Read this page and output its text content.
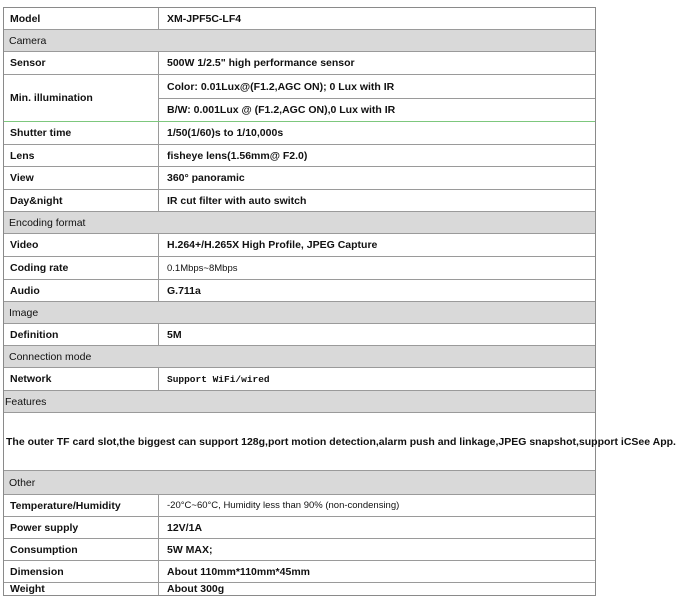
Model	XM-JPF5C-LF4
Camera
Sensor	500W 1/2.5" high performance sensor
Min. illumination
Color: 0.01Lux@(F1.2,AGC ON); 0 Lux with IR
B/W: 0.001Lux @ (F1.2,AGC ON),0 Lux with IR
Shutter time	1/50(1/60)s to 1/10,000s
Lens	fisheye lens(1.56mm@ F2.0)
View	360° panoramic
Day&night	IR cut filter with auto switch
Encoding format
Video	H.264+/H.265X High Profile, JPEG Capture
Coding rate	0.1Mbps~8Mbps
Audio	G.711a
Image
Definition	5M
Connection mode
Network	Support WiFi/wired
Features
The outer TF card slot,the biggest can support 128g,port motion detection,alarm push and linkage,JPEG snapshot,support iCSee App.
Other
Temperature/Humidity	-20°C~60°C, Humidity less than 90% (non-condensing)
Power supply	12V/1A
Consumption	5W MAX;
Dimension	About 110mm*110mm*45mm
Weight	About 300g
